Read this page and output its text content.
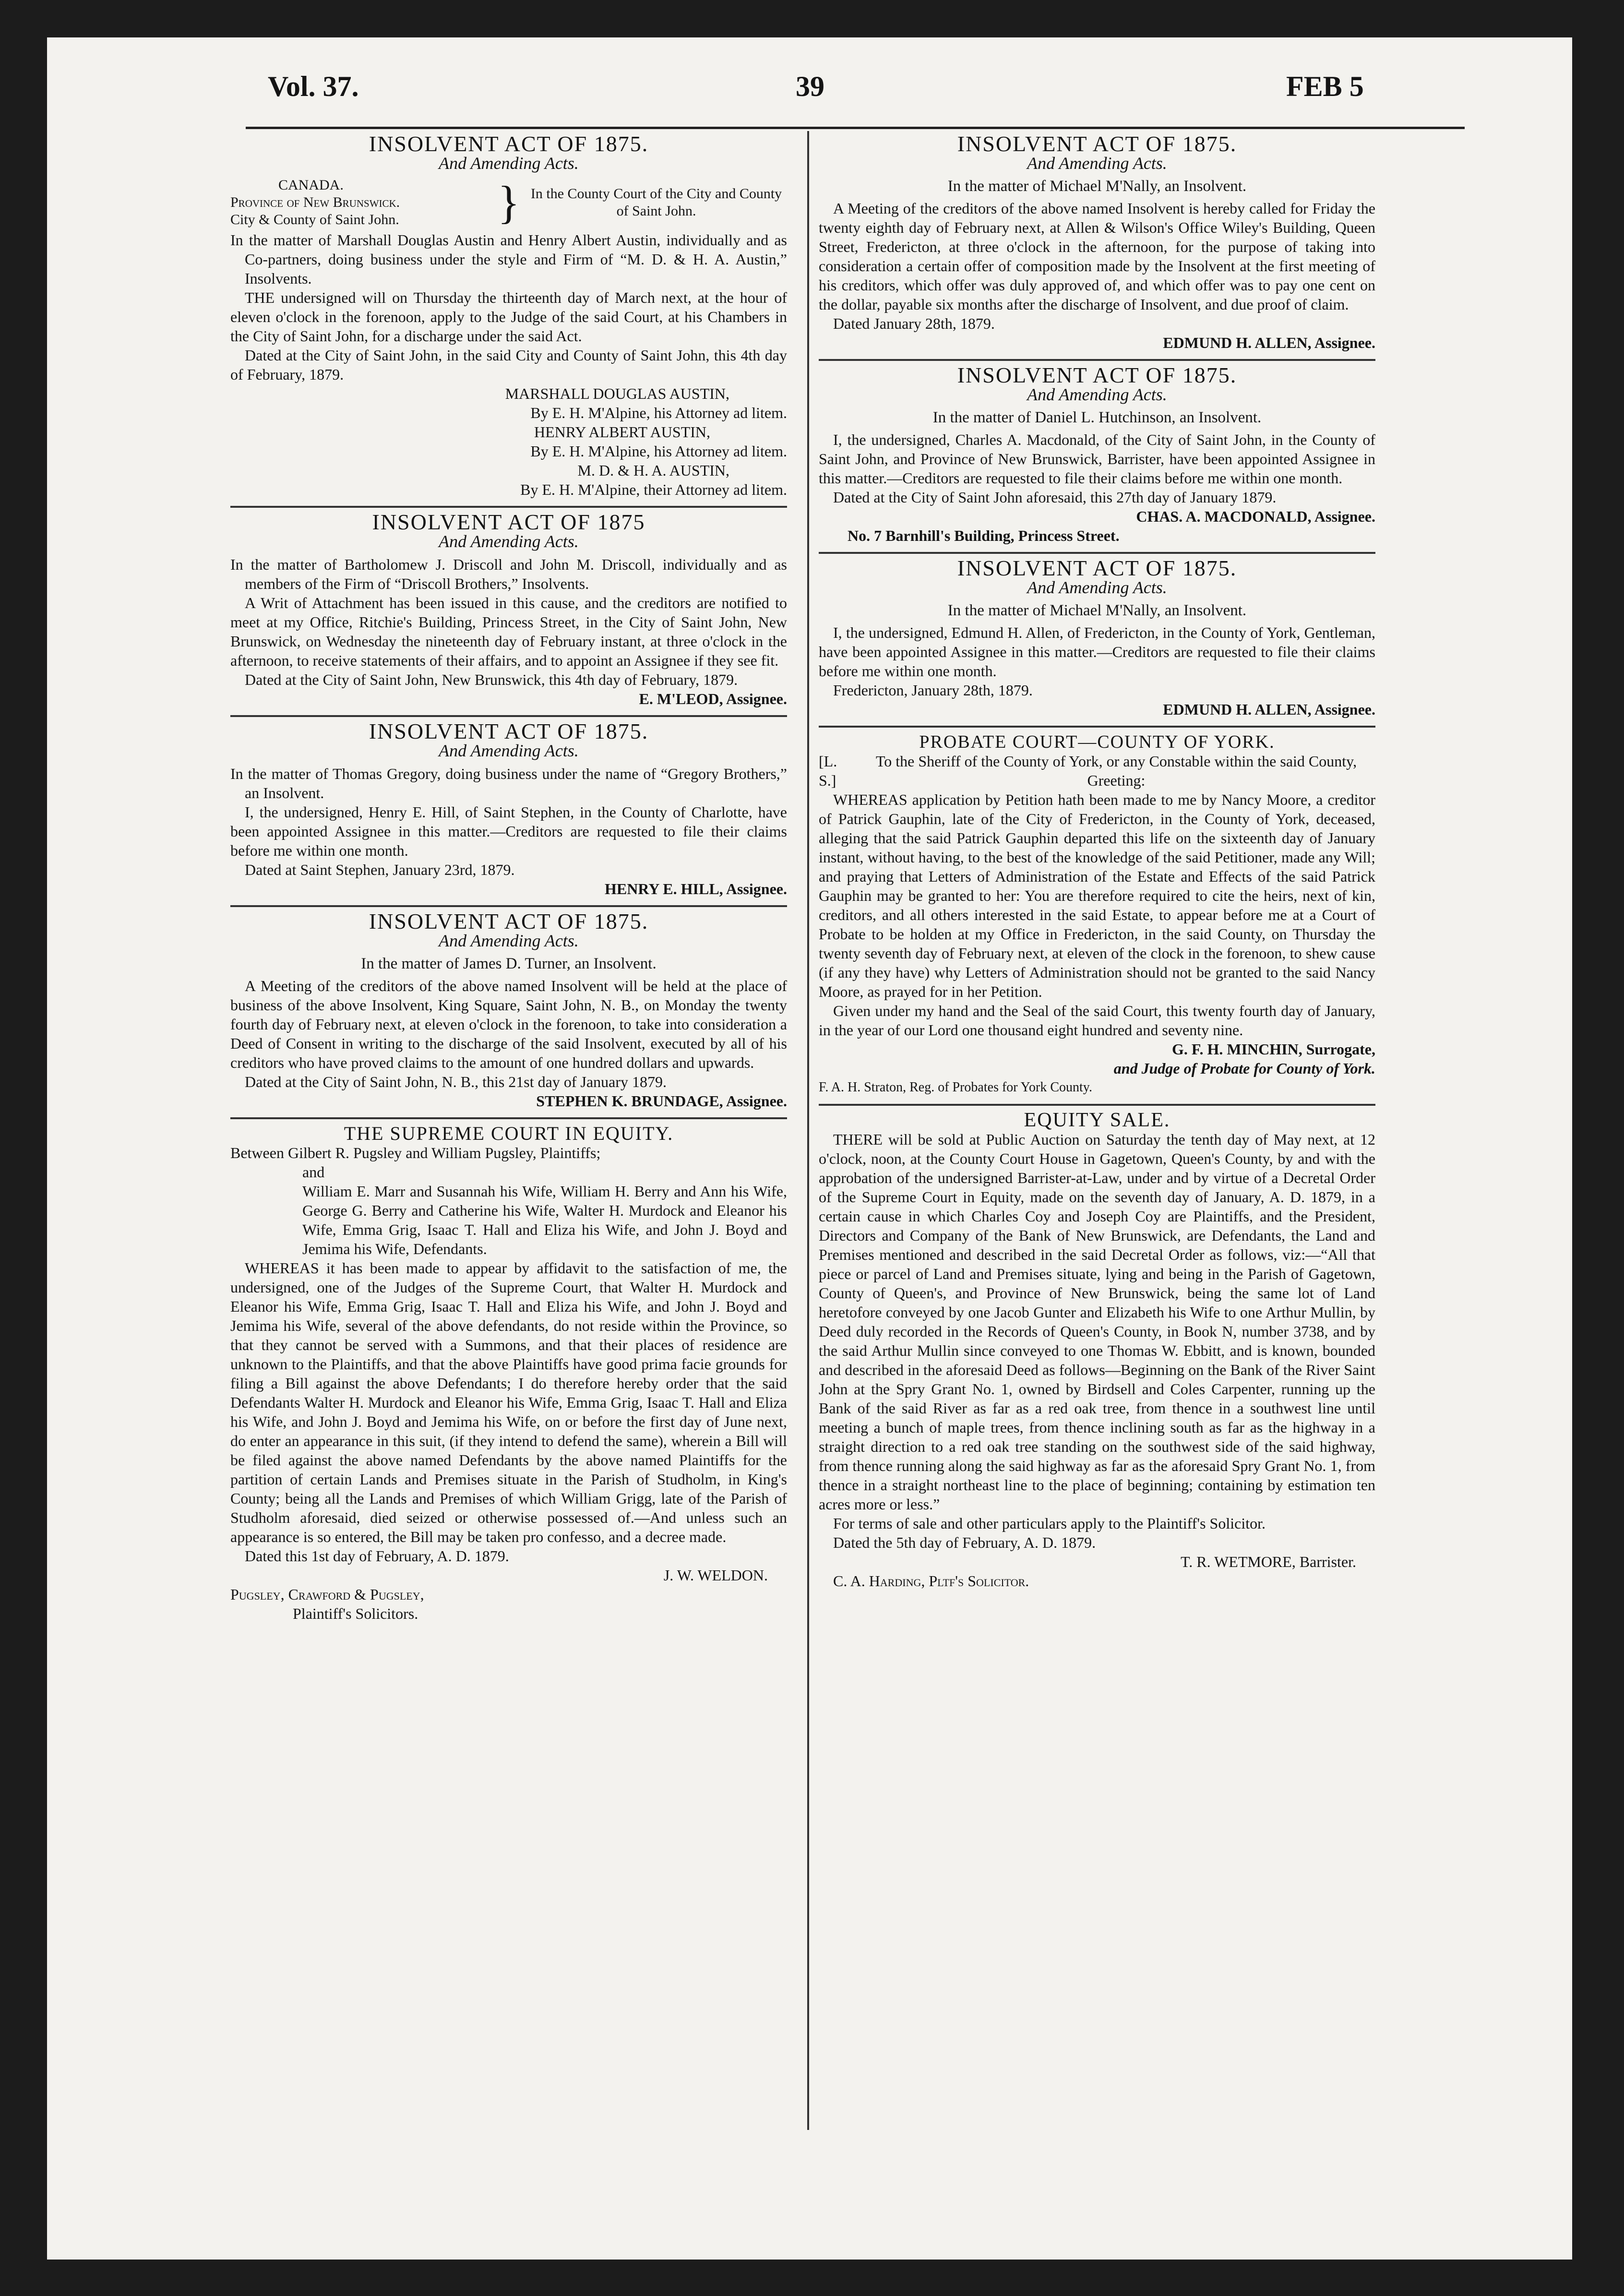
Vol. 37.	39	FEB 5
INSOLVENT ACT OF 1875.
And Amending Acts.
CANADA.
Province of New Brunswick.
City & County of Saint John.	} In the County Court of the City and County of Saint John.

In the matter of Marshall Douglas Austin and Henry Albert Austin, individually and as Co-partners, doing business under the style and Firm of “M. D. & H. A. Austin,” Insolvents.

THE undersigned will on Thursday the thirteenth day of March next, at the hour of eleven o'clock in the forenoon, apply to the Judge of the said Court, at his Chambers in the City of Saint John, for a discharge under the said Act.

Dated at the City of Saint John, in the said City and County of Saint John, this 4th day of February, 1879.

MARSHALL DOUGLAS AUSTIN,

By E. H. M'Alpine, his Attorney ad litem.

HENRY ALBERT AUSTIN,

By E. H. M'Alpine, his Attorney ad litem.

M. D. & H. A. AUSTIN,

By E. H. M'Alpine, their Attorney ad litem.

INSOLVENT ACT OF 1875
And Amending Acts.

In the matter of Bartholomew J. Driscoll and John M. Driscoll, individually and as members of the Firm of “Driscoll Brothers,” Insolvents.

A Writ of Attachment has been issued in this cause, and the creditors are notified to meet at my Office, Ritchie's Building, Princess Street, in the City of Saint John, New Brunswick, on Wednesday the nineteenth day of February instant, at three o'clock in the afternoon, to receive statements of their affairs, and to appoint an Assignee if they see fit.

Dated at the City of Saint John, New Brunswick, this 4th day of February, 1879.

E. M'LEOD, Assignee.

INSOLVENT ACT OF 1875.
And Amending Acts.

In the matter of Thomas Gregory, doing business under the name of “Gregory Brothers,” an Insolvent.

I, the undersigned, Henry E. Hill, of Saint Stephen, in the County of Charlotte, have been appointed Assignee in this matter.—Creditors are requested to file their claims before me within one month.

Dated at Saint Stephen, January 23rd, 1879.

HENRY E. HILL, Assignee.

INSOLVENT ACT OF 1875.
And Amending Acts.
In the matter of James D. Turner, an Insolvent.

A Meeting of the creditors of the above named Insolvent will be held at the place of business of the above Insolvent, King Square, Saint John, N. B., on Monday the twenty fourth day of February next, at eleven o'clock in the forenoon, to take into consideration a Deed of Consent in writing to the discharge of the said Insolvent, executed by all of his creditors who have proved claims to the amount of one hundred dollars and upwards.

Dated at the City of Saint John, N. B., this 21st day of January 1879.

STEPHEN K. BRUNDAGE, Assignee.

THE SUPREME COURT IN EQUITY.

Between Gilbert R. Pugsley and William Pugsley, Plaintiffs;

and

William E. Marr and Susannah his Wife, William H. Berry and Ann his Wife, George G. Berry and Catherine his Wife, Walter H. Murdock and Eleanor his Wife, Emma Grig, Isaac T. Hall and Eliza his Wife, and John J. Boyd and Jemima his Wife, Defendants.

WHEREAS it has been made to appear by affidavit to the satisfaction of me, the undersigned, one of the Judges of the Supreme Court, that Walter H. Murdock and Eleanor his Wife, Emma Grig, Isaac T. Hall and Eliza his Wife, and John J. Boyd and Jemima his Wife, several of the above defendants, do not reside within the Province, so that they cannot be served with a Summons, and that their places of residence are unknown to the Plaintiffs, and that the above Plaintiffs have good prima facie grounds for filing a Bill against the above Defendants; I do therefore hereby order that the said Defendants Walter H. Murdock and Eleanor his Wife, Emma Grig, Isaac T. Hall and Eliza his Wife, and John J. Boyd and Jemima his Wife, on or before the first day of June next, do enter an appearance in this suit, (if they intend to defend the same), wherein a Bill will be filed against the above named Defendants by the above named Plaintiffs for the partition of certain Lands and Premises situate in the Parish of Studholm, in King's County; being all the Lands and Premises of which William Grigg, late of the Parish of Studholm aforesaid, died seized or otherwise possessed of.—And unless such an appearance is so entered, the Bill may be taken pro confesso, and a decree made.

Dated this 1st day of February, A. D. 1879.

J. W. WELDON.

Pugsley, Crawford & Pugsley,

Plaintiff's Solicitors.

INSOLVENT ACT OF 1875.
And Amending Acts.
In the matter of Michael M'Nally, an Insolvent.

A Meeting of the creditors of the above named Insolvent is hereby called for Friday the twenty eighth day of February next, at Allen & Wilson's Office Wiley's Building, Queen Street, Fredericton, at three o'clock in the afternoon, for the purpose of taking into consideration a certain offer of composition made by the Insolvent at the first meeting of his creditors, which offer was duly approved of, and which offer was to pay one cent on the dollar, payable six months after the discharge of Insolvent, and due proof of claim.

Dated January 28th, 1879.

EDMUND H. ALLEN, Assignee.

INSOLVENT ACT OF 1875.
And Amending Acts.
In the matter of Daniel L. Hutchinson, an Insolvent.

I, the undersigned, Charles A. Macdonald, of the City of Saint John, in the County of Saint John, and Province of New Brunswick, Barrister, have been appointed Assignee in this matter.—Creditors are requested to file their claims before me within one month.

Dated at the City of Saint John aforesaid, this 27th day of January 1879.

CHAS. A. MACDONALD, Assignee.

No. 7 Barnhill's Building, Princess Street.

INSOLVENT ACT OF 1875.
And Amending Acts.
In the matter of Michael M'Nally, an Insolvent.

I, the undersigned, Edmund H. Allen, of Fredericton, in the County of York, Gentleman, have been appointed Assignee in this matter.—Creditors are requested to file their claims before me within one month.

Fredericton, January 28th, 1879.

EDMUND H. ALLEN, Assignee.

PROBATE COURT—COUNTY OF YORK.
[L. S.]
To the Sheriff of the County of York, or any Constable within the said County, Greeting:

WHEREAS application by Petition hath been made to me by Nancy Moore, a creditor of Patrick Gauphin, late of the City of Fredericton, in the County of York, deceased, alleging that the said Patrick Gauphin departed this life on the sixteenth day of January instant, without having, to the best of the knowledge of the said Petitioner, made any Will; and praying that Letters of Administration of the Estate and Effects of the said Patrick Gauphin may be granted to her: You are therefore required to cite the heirs, next of kin, creditors, and all others interested in the said Estate, to appear before me at a Court of Probate to be holden at my Office in Fredericton, in the said County, on Thursday the twenty seventh day of February next, at eleven of the clock in the forenoon, to shew cause (if any they have) why Letters of Administration should not be granted to the said Nancy Moore, as prayed for in her Petition.

Given under my hand and the Seal of the said Court, this twenty fourth day of January, in the year of our Lord one thousand eight hundred and seventy nine.

G. F. H. MINCHIN, Surrogate,

and Judge of Probate for County of York.

F. A. H. Straton, Reg. of Probates for York County.

EQUITY SALE.

THERE will be sold at Public Auction on Saturday the tenth day of May next, at 12 o'clock, noon, at the County Court House in Gagetown, Queen's County, by and with the approbation of the undersigned Barrister-at-Law, under and by virtue of a Decretal Order of the Supreme Court in Equity, made on the seventh day of January, A. D. 1879, in a certain cause in which Charles Coy and Joseph Coy are Plaintiffs, and the President, Directors and Company of the Bank of New Brunswick, are Defendants, the Land and Premises mentioned and described in the said Decretal Order as follows, viz:—“All that piece or parcel of Land and Premises situate, lying and being in the Parish of Gagetown, County of Queen's, and Province of New Brunswick, being the same lot of Land heretofore conveyed by one Jacob Gunter and Elizabeth his Wife to one Arthur Mullin, by Deed duly recorded in the Records of Queen's County, in Book N, number 3738, and by the said Arthur Mullin since conveyed to one Thomas W. Ebbitt, and is known, bounded and described in the aforesaid Deed as follows—Beginning on the Bank of the River Saint John at the Spry Grant No. 1, owned by Birdsell and Coles Carpenter, running up the Bank of the said River as far as a red oak tree, from thence in a southwest line until meeting a bunch of maple trees, from thence inclining south as far as the highway in a straight direction to a red oak tree standing on the southwest side of the said highway, from thence running along the said highway as far as the aforesaid Spry Grant No. 1, from thence in a straight northeast line to the place of beginning; containing by estimation ten acres more or less.”

For terms of sale and other particulars apply to the Plaintiff's Solicitor.

Dated the 5th day of February, A. D. 1879.

T. R. WETMORE, Barrister.

C. A. Harding, Pltf's Solicitor.
